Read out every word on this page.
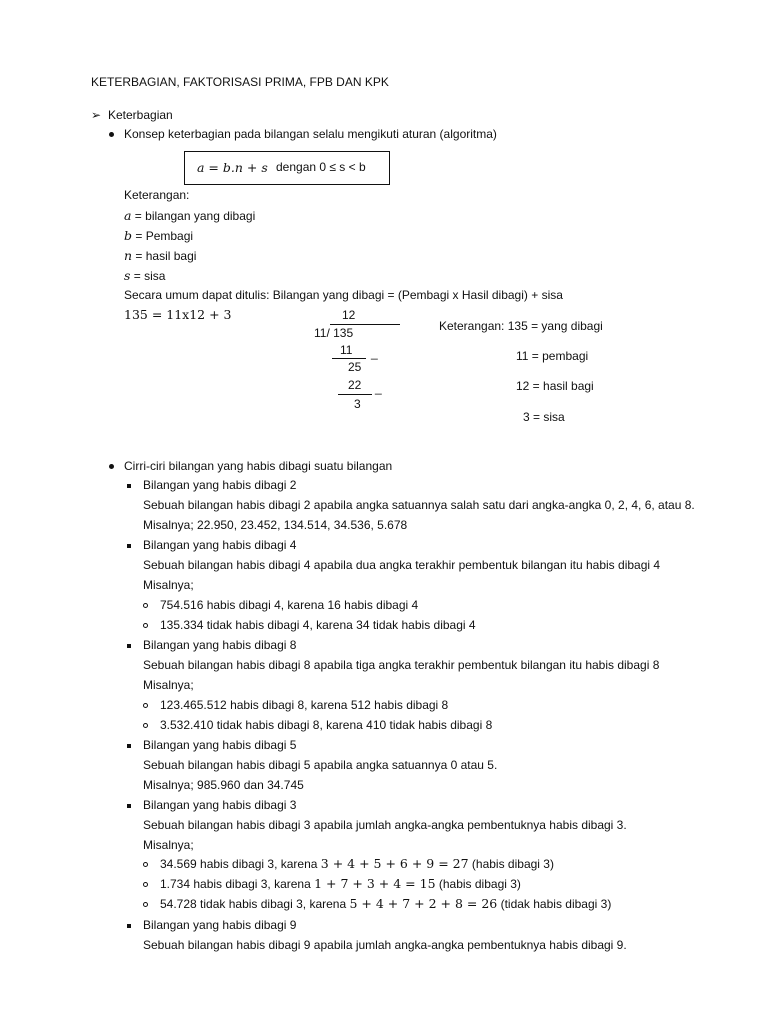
KETERBAGIAN, FAKTORISASI PRIMA, FPB DAN KPK
➢ Keterbagian
Konsep keterbagian pada bilangan selalu mengikuti aturan (algoritma)
a = b.n + s dengan 0 ≤ s < b
Keterangan:
a = bilangan yang dibagi
b = Pembagi
n = hasil bagi
s = sisa
Secara umum dapat ditulis: Bilangan yang dibagi = (Pembagi x Hasil dibagi) + sisa
135 = 11x12 + 3	12
11/ 135
11 _
25
22 _
3
Keterangan: 135 = yang dibagi
11 = pembagi
12 = hasil bagi
3 = sisa
Cirri-ciri bilangan yang habis dibagi suatu bilangan
Bilangan yang habis dibagi 2
Sebuah bilangan habis dibagi 2 apabila angka satuannya salah satu dari angka-angka 0, 2, 4, 6, atau 8.
Misalnya; 22.950, 23.452, 134.514, 34.536, 5.678
Bilangan yang habis dibagi 4
Sebuah bilangan habis dibagi 4 apabila dua angka terakhir pembentuk bilangan itu habis dibagi 4
Misalnya;
754.516 habis dibagi 4, karena 16 habis dibagi 4
135.334 tidak habis dibagi 4, karena 34 tidak habis dibagi 4
Bilangan yang habis dibagi 8
Sebuah bilangan habis dibagi 8 apabila tiga angka terakhir pembentuk bilangan itu habis dibagi 8
Misalnya;
123.465.512 habis dibagi 8, karena 512 habis dibagi 8
3.532.410 tidak habis dibagi 8, karena 410 tidak habis dibagi 8
Bilangan yang habis dibagi 5
Sebuah bilangan habis dibagi 5 apabila angka satuannya 0 atau 5.
Misalnya; 985.960 dan 34.745
Bilangan yang habis dibagi 3
Sebuah bilangan habis dibagi 3 apabila jumlah angka-angka pembentuknya habis dibagi 3.
Misalnya;
34.569 habis dibagi 3, karena 3 + 4 + 5 + 6 + 9 = 27 (habis dibagi 3)
1.734 habis dibagi 3, karena 1 + 7 + 3 + 4 = 15 (habis dibagi 3)
54.728 tidak habis dibagi 3, karena 5 + 4 + 7 + 2 + 8 = 26 (tidak habis dibagi 3)
Bilangan yang habis dibagi 9
Sebuah bilangan habis dibagi 9 apabila jumlah angka-angka pembentuknya habis dibagi 9.
